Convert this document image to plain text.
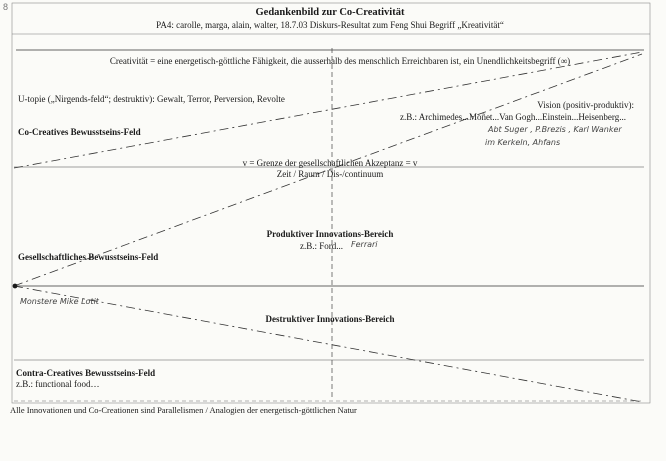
8	Gedankenbild zur Co-Creativität
PA4: carolle, marga, alain, walter, 18.7.03 Diskurs-Resultat zum Feng Shui Begriff „Kreativität“
Creativität = eine energetisch-göttliche Fähigkeit, die ausserhalb des menschlich Erreichbaren ist, ein Unendlichkeitsbegriff (∞)
U-topie („Nirgends-feld“; destruktiv): Gewalt, Terror, Perversion, Revolte
Vision (positiv-produktiv):
z.B.: Archimedes...Moñet...Van Gogh...Einstein...Heisenberg...
Abt Suger , P.Brezis , Karl Wanker
im Kerkeln, Ahfans
Co-Creatives Bewusstseins-Feld
v = Grenze der gesellschaftlichen Akzeptanz = v
Zeit / Raum / Dis-/continuum
Produktiver Innovations-Bereich
z.B.: Ford... Ferrari
Gesellschaftliches Bewusstseins-Feld
Monstere Mike Lotit
Destruktiver Innovations-Bereich
Contra-Creatives Bewusstseins-Feld
z.B.: functional food…
Alle Innovationen und Co-Creationen sind Parallelismen / Analogien der energetisch-göttlichen Natur
